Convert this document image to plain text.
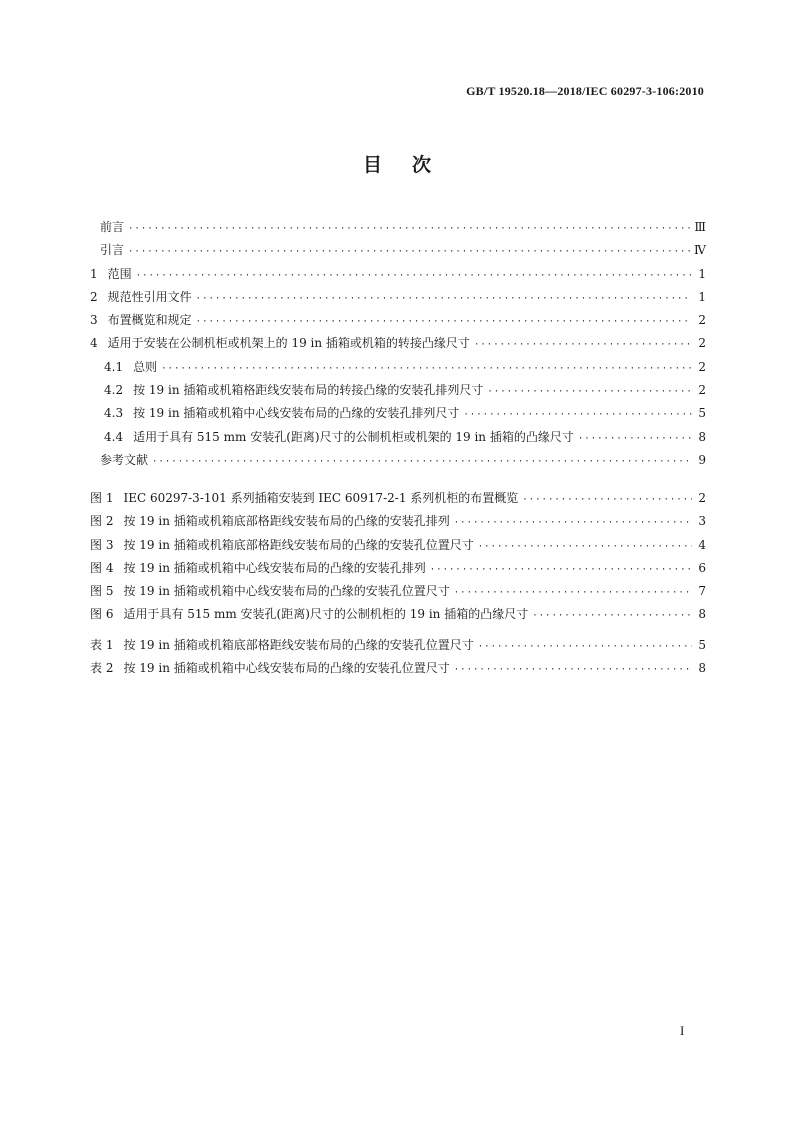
GB/T 19520.18—2018/IEC 60297-3-106:2010
目次
前言 ·····	Ⅲ
引言 ·····	Ⅳ
1 范围 ·····	1
2 规范性引用文件 ·····	1
3 布置概览和规定 ·····	2
4 适用于安装在公制机柜或机架上的 19 in 插箱或机箱的转接凸缘尺寸 ·····	2
4.1 总则 ·····	2
4.2 按 19 in 插箱或机箱格距线安装布局的转接凸缘的安装孔排列尺寸 ·····	2
4.3 按 19 in 插箱或机箱中心线安装布局的凸缘的安装孔排列尺寸 ·····	5
4.4 适用于具有 515 mm 安装孔(距离)尺寸的公制机柜或机架的 19 in 插箱的凸缘尺寸 ·····	8
参考文献 ·····	9
图 1 IEC 60297-3-101 系列插箱安装到 IEC 60917-2-1 系列机柜的布置概览 ·····	2
图 2 按 19 in 插箱或机箱底部格距线安装布局的凸缘的安装孔排列 ·····	3
图 3 按 19 in 插箱或机箱底部格距线安装布局的凸缘的安装孔位置尺寸 ·····	4
图 4 按 19 in 插箱或机箱中心线安装布局的凸缘的安装孔排列 ·····	6
图 5 按 19 in 插箱或机箱中心线安装布局的凸缘的安装孔位置尺寸 ·····	7
图 6 适用于具有 515 mm 安装孔(距离)尺寸的公制机柜的 19 in 插箱的凸缘尺寸 ·····	8
表 1 按 19 in 插箱或机箱底部格距线安装布局的凸缘的安装孔位置尺寸 ·····	5
表 2 按 19 in 插箱或机箱中心线安装布局的凸缘的安装孔位置尺寸 ·····	8
I
